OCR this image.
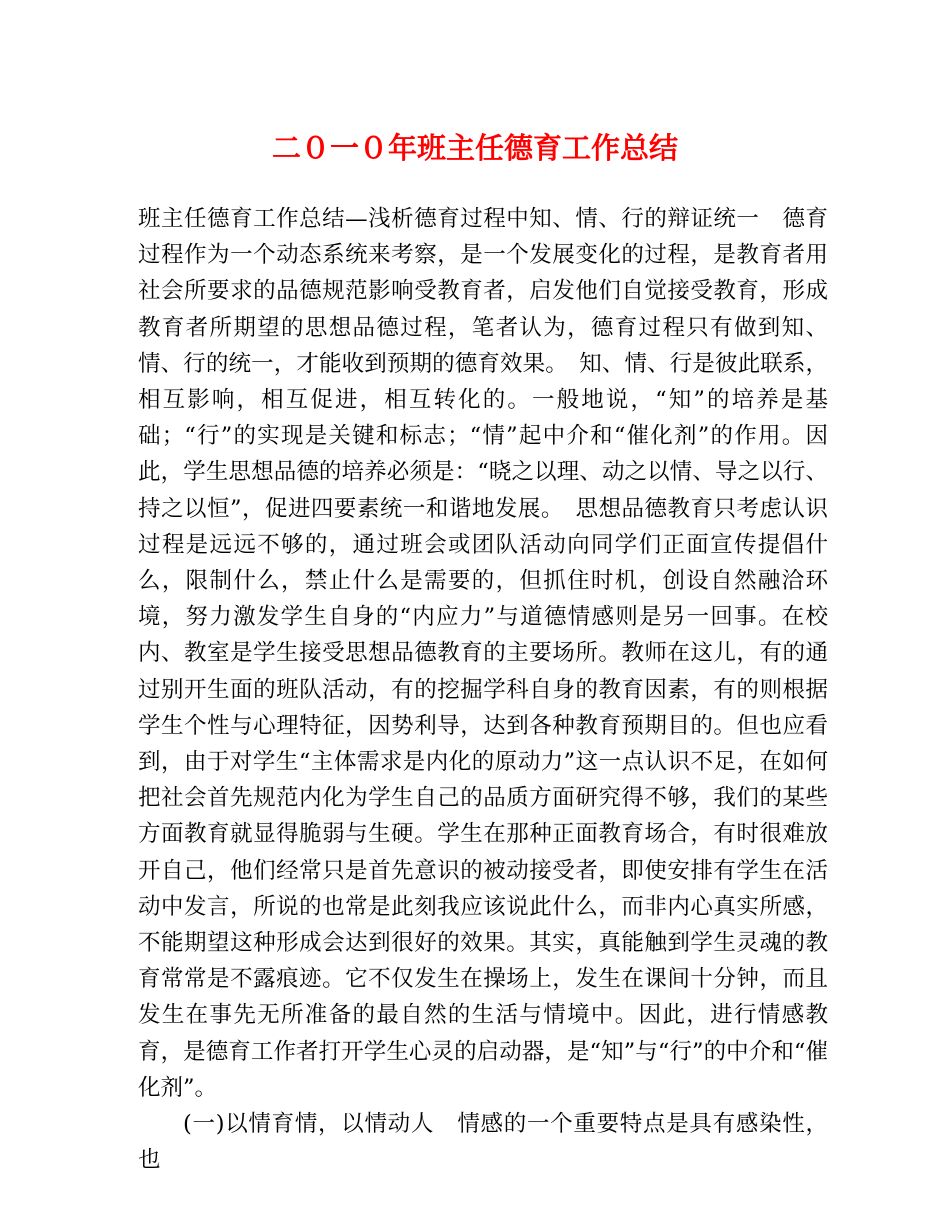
二０一０年班主任德育工作总结

班主任德育工作总结—浅析德育过程中知、情、行的辩证统一　德育过程作为一个动态系统来考察，是一个发展变化的过程，是教育者用社会所要求的品德规范影响受教育者，启发他们自觉接受教育，形成教育者所期望的思想品德过程，笔者认为，德育过程只有做到知、情、行的统一，才能收到预期的德育效果。　知、情、行是彼此联系，相互影响，相互促进，相互转化的。一般地说，“知”的培养是基础；“行”的实现是关键和标志；“情”起中介和“催化剂”的作用。因此，学生思想品德的培养必须是：“晓之以理、动之以情、导之以行、持之以恒”，促进四要素统一和谐地发展。　思想品德教育只考虑认识过程是远远不够的，通过班会或团队活动向同学们正面宣传提倡什么，限制什么，禁止什么是需要的，但抓住时机，创设自然融洽环境，努力激发学生自身的“内应力”与道德情感则是另一回事。在校内、教室是学生接受思想品德教育的主要场所。教师在这儿，有的通过别开生面的班队活动，有的挖掘学科自身的教育因素，有的则根据学生个性与心理特征，因势利导，达到各种教育预期目的。但也应看到，由于对学生“主体需求是内化的原动力”这一点认识不足，在如何把社会首先规范内化为学生自己的品质方面研究得不够，我们的某些方面教育就显得脆弱与生硬。学生在那种正面教育场合，有时很难放开自己，他们经常只是首先意识的被动接受者，即使安排有学生在活动中发言，所说的也常是此刻我应该说此什么，而非内心真实所感，不能期望这种形成会达到很好的效果。其实，真能触到学生灵魂的教育常常是不露痕迹。它不仅发生在操场上，发生在课间十分钟，而且发生在事先无所准备的最自然的生活与情境中。因此，进行情感教育，是德育工作者打开学生心灵的启动器，是“知”与“行”的中介和“催化剂”。

(一)以情育情，以情动人　情感的一个重要特点是具有感染性，也
